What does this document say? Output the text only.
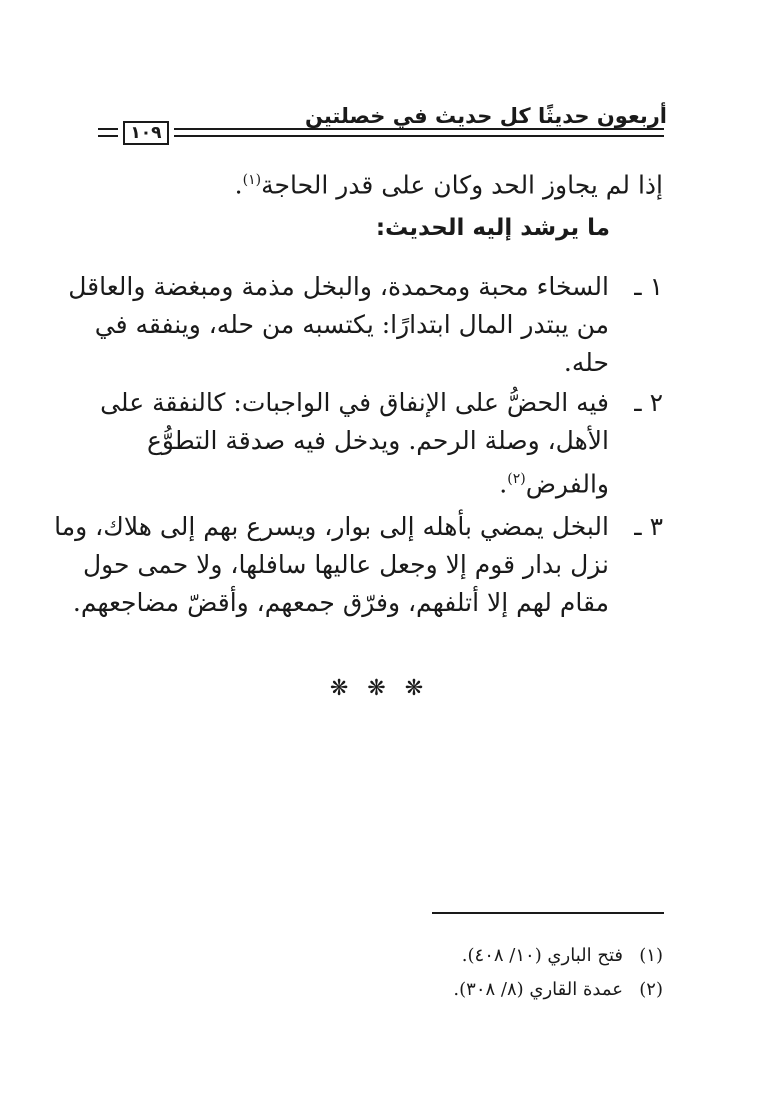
أربعون حديثًا كل حديث في خصلتين
١٠٩
إذا لم يجاوز الحد وكان على قدر الحاجة$^{(١)}$.
ما يرشد إليه الحديث:
١ ـ
السخاء محبة ومحمدة، والبخل مذمة ومبغضة والعاقل
من يبتدر المال ابتدارًا: يكتسبه من حله، وينفقه في
حله.
٢ ـ
فيه الحضُّ على الإنفاق في الواجبات: كالنفقة على
الأهل، وصلة الرحم. ويدخل فيه صدقة التطوُّع
والفرض$^{(٢)}$.
٣ ـ
البخل يمضي بأهله إلى بوار، ويسرع بهم إلى هلاك، وما
نزل بدار قوم إلا وجعل عاليها سافلها، ولا حمى حول
مقام لهم إلا أتلفهم، وفرّق جمعهم، وأقضّ مضاجعهم.
❋ ❋ ❋
(١)فتح الباري (١٠/ ٤٠٨).
(٢)عمدة القاري (٨/ ٣٠٨).
